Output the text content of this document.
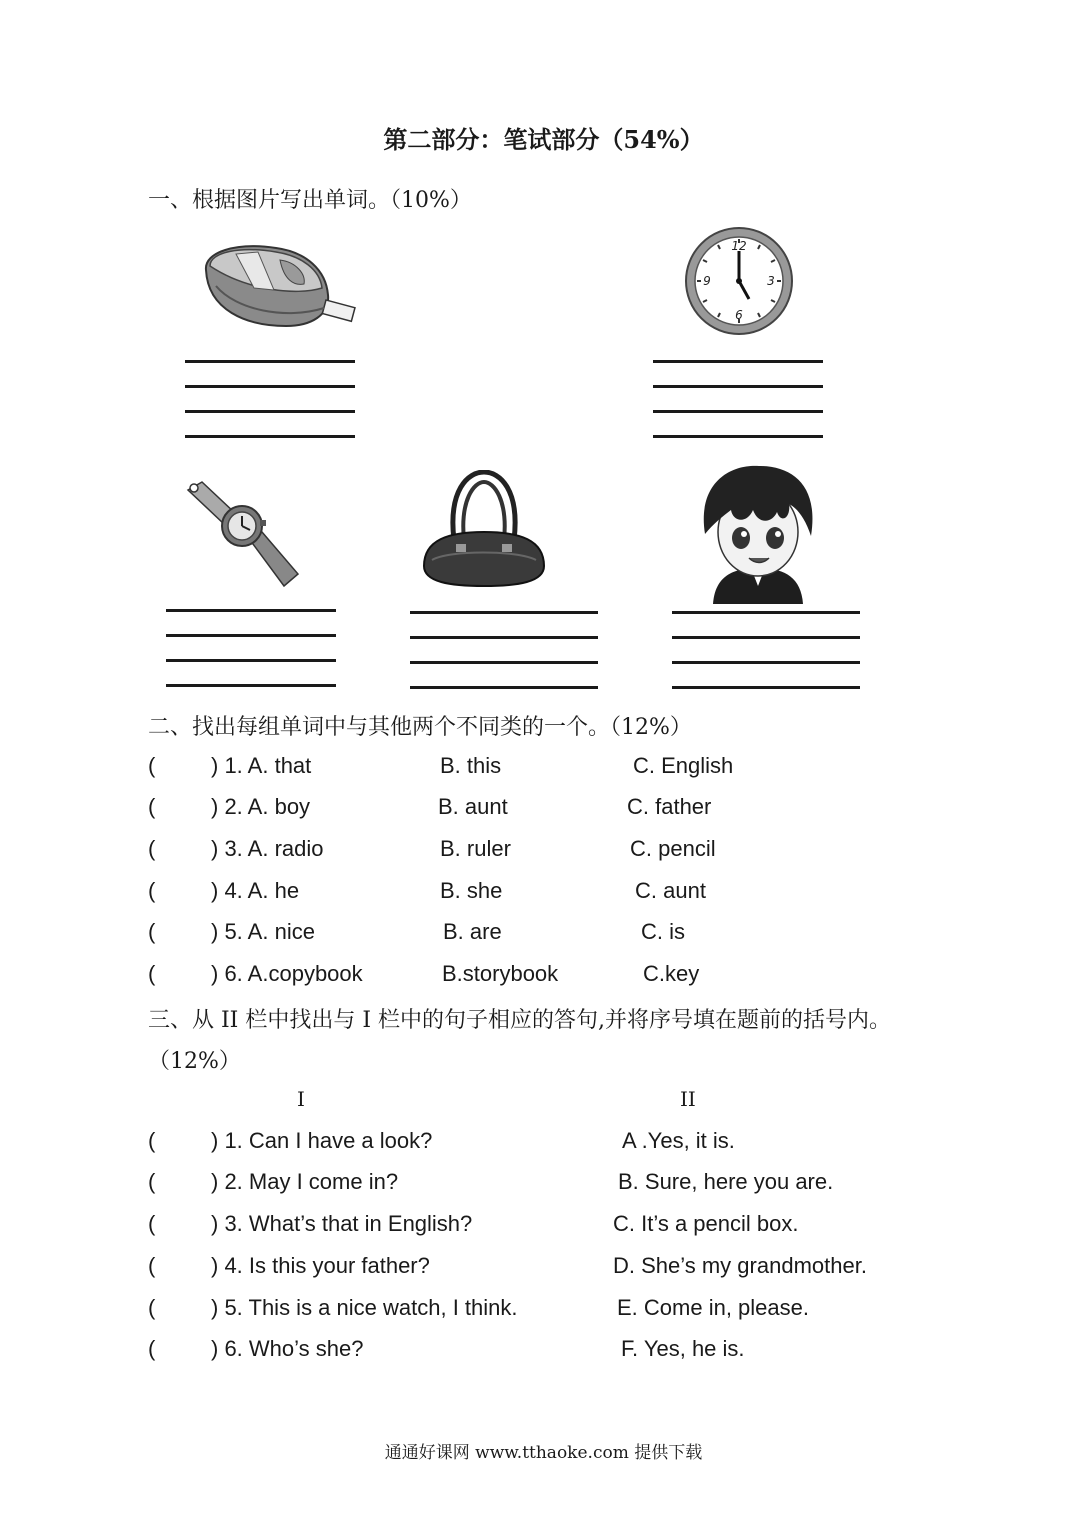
第二部分：笔试部分（54%）
一、根据图片写出单词。（10%）
12
3
6
9
二、找出每组单词中与其他两个不同类的一个。（12%）
(	) 1. A. that	B. this	C. English
(	) 2. A. boy	B. aunt	C. father
(	) 3. A. radio	B. ruler	C. pencil
(	) 4. A. he	B. she	C. aunt
(	) 5. A. nice	B. are	C. is
(	) 6. A.copybook	B.storybook	C.key
三、从 II 栏中找出与 I 栏中的句子相应的答句,并将序号填在题前的括号内。
（12%）
I	II
(	) 1. Can I have a look?	A .Yes, it is.
(	) 2. May I come in?	B. Sure, here you are.
(	) 3. What’s that in English?	C. It’s a pencil box.
(	) 4. Is this your father?	D. She’s my grandmother.
(	) 5. This is a nice watch, I think.	E. Come in, please.
(	) 6. Who’s she?	F. Yes, he is.
通通好课网 www.tthaoke.com 提供下载
